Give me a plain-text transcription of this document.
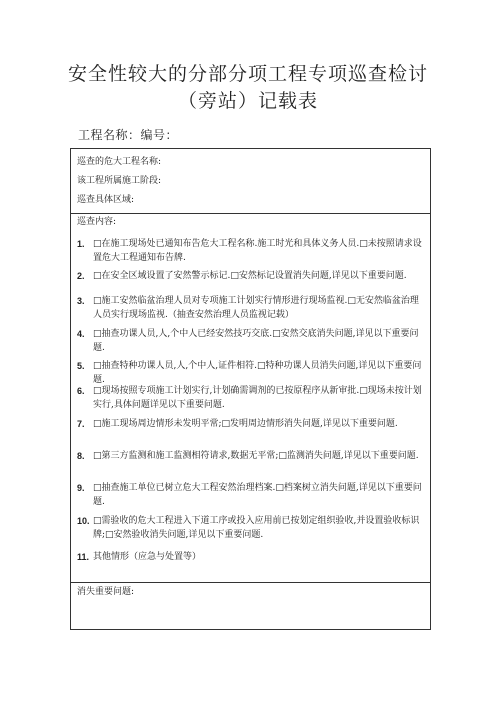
安全性较大的分部分项工程专项巡查检讨
（旁站）记载表
工程名称：编号：
巡查的危大工程名称:
该工程所属施工阶段:
巡查具体区域:
巡查内容:
1. □在施工现场处已通知布告危大工程名称.施工时光和具体义务人员.□未按照请求设置危大工程通知布告牌.
2. □在安全区域设置了安然警示标记.□安然标记设置消失问题,详见以下重要问题.
3. □施工安然临盆治理人员对专项施工计划实行情形进行现场监视.□无安然临盆治理人员实行现场监视.（抽查安然治理人员监视记载）
4. □抽查功课人员,人,个中人已经安然技巧交底.□安然交底消失问题,详见以下重要问题.
5. □抽查特种功课人员,人,个中人,证件相符.□特种功课人员消失问题,详见以下重要问题.
6. □现场按照专项施工计划实行,计划确需调剂的已按原程序从新审批.□现场未按计划实行,具体问题详见以下重要问题.
7. □施工现场周边情形未发明平常;□发明周边情形消失问题,详见以下重要问题.
8. □第三方监测和施工监测相符请求,数据无平常;□监测消失问题,详见以下重要问题.
9. □抽查施工单位已树立危大工程安然治理档案.□档案树立消失问题,详见以下重要问题.
10. □需验收的危大工程进入下道工序或投入应用前已按划定组织验收,并设置验收标识牌;□安然验收消失问题,详见以下重要问题.
11. 其他情形（应急与处置等）
消失重要问题:
